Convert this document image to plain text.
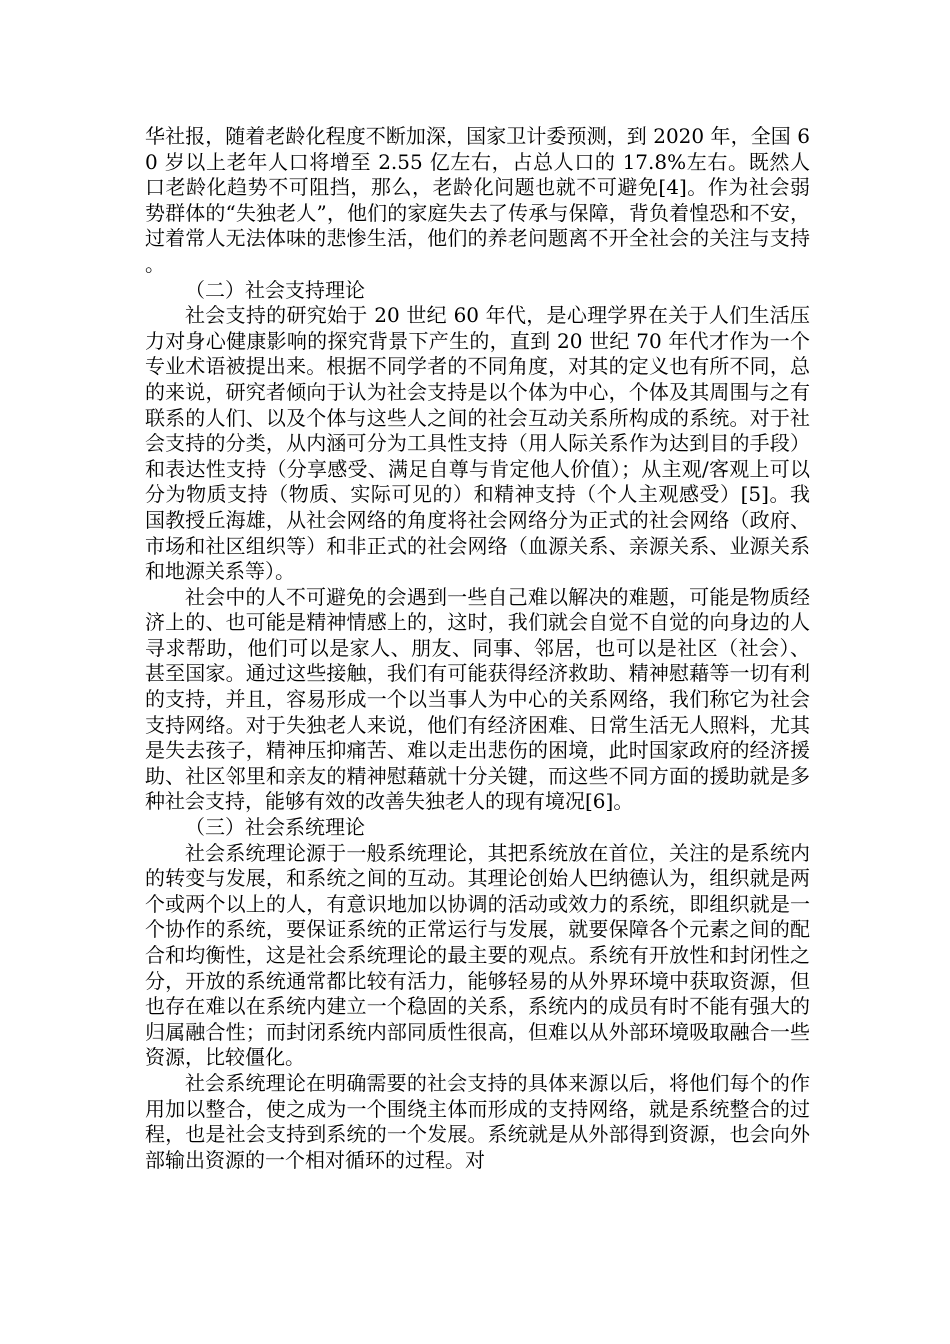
华社报，随着老龄化程度不断加深，国家卫计委预测，到 2020 年，全国 60 岁以上老年人口将增至 2.55 亿左右，占总人口的 17.8%左右。既然人口老龄化趋势不可阻挡，那么，老龄化问题也就不可避免[4]。作为社会弱势群体的“失独老人”，他们的家庭失去了传承与保障，背负着惶恐和不安，过着常人无法体味的悲惨生活，他们的养老问题离不开全社会的关注与支持。

（二）社会支持理论

社会支持的研究始于 20 世纪 60 年代，是心理学界在关于人们生活压力对身心健康影响的探究背景下产生的，直到 20 世纪 70 年代才作为一个专业术语被提出来。根据不同学者的不同角度，对其的定义也有所不同，总的来说，研究者倾向于认为社会支持是以个体为中心，个体及其周围与之有联系的人们、以及个体与这些人之间的社会互动关系所构成的系统。对于社会支持的分类，从内涵可分为工具性支持（用人际关系作为达到目的手段）和表达性支持（分享感受、满足自尊与肯定他人价值）；从主观/客观上可以分为物质支持（物质、实际可见的）和精神支持（个人主观感受）[5]。我国教授丘海雄，从社会网络的角度将社会网络分为正式的社会网络（政府、市场和社区组织等）和非正式的社会网络（血源关系、亲源关系、业源关系和地源关系等）。

社会中的人不可避免的会遇到一些自己难以解决的难题，可能是物质经济上的、也可能是精神情感上的，这时，我们就会自觉不自觉的向身边的人寻求帮助，他们可以是家人、朋友、同事、邻居，也可以是社区（社会）、甚至国家。通过这些接触，我们有可能获得经济救助、精神慰藉等一切有利的支持，并且，容易形成一个以当事人为中心的关系网络，我们称它为社会支持网络。对于失独老人来说，他们有经济困难、日常生活无人照料，尤其是失去孩子，精神压抑痛苦、难以走出悲伤的困境，此时国家政府的经济援助、社区邻里和亲友的精神慰藉就十分关键，而这些不同方面的援助就是多种社会支持，能够有效的改善失独老人的现有境况[6]。

（三）社会系统理论

社会系统理论源于一般系统理论，其把系统放在首位，关注的是系统内的转变与发展，和系统之间的互动。其理论创始人巴纳德认为，组织就是两个或两个以上的人，有意识地加以协调的活动或效力的系统，即组织就是一个协作的系统，要保证系统的正常运行与发展，就要保障各个元素之间的配合和均衡性，这是社会系统理论的最主要的观点。系统有开放性和封闭性之分，开放的系统通常都比较有活力，能够轻易的从外界环境中获取资源，但也存在难以在系统内建立一个稳固的关系，系统内的成员有时不能有强大的归属融合性；而封闭系统内部同质性很高，但难以从外部环境吸取融合一些资源，比较僵化。

社会系统理论在明确需要的社会支持的具体来源以后，将他们每个的作用加以整合，使之成为一个围绕主体而形成的支持网络，就是系统整合的过程，也是社会支持到系统的一个发展。系统就是从外部得到资源，也会向外部输出资源的一个相对循环的过程。对
